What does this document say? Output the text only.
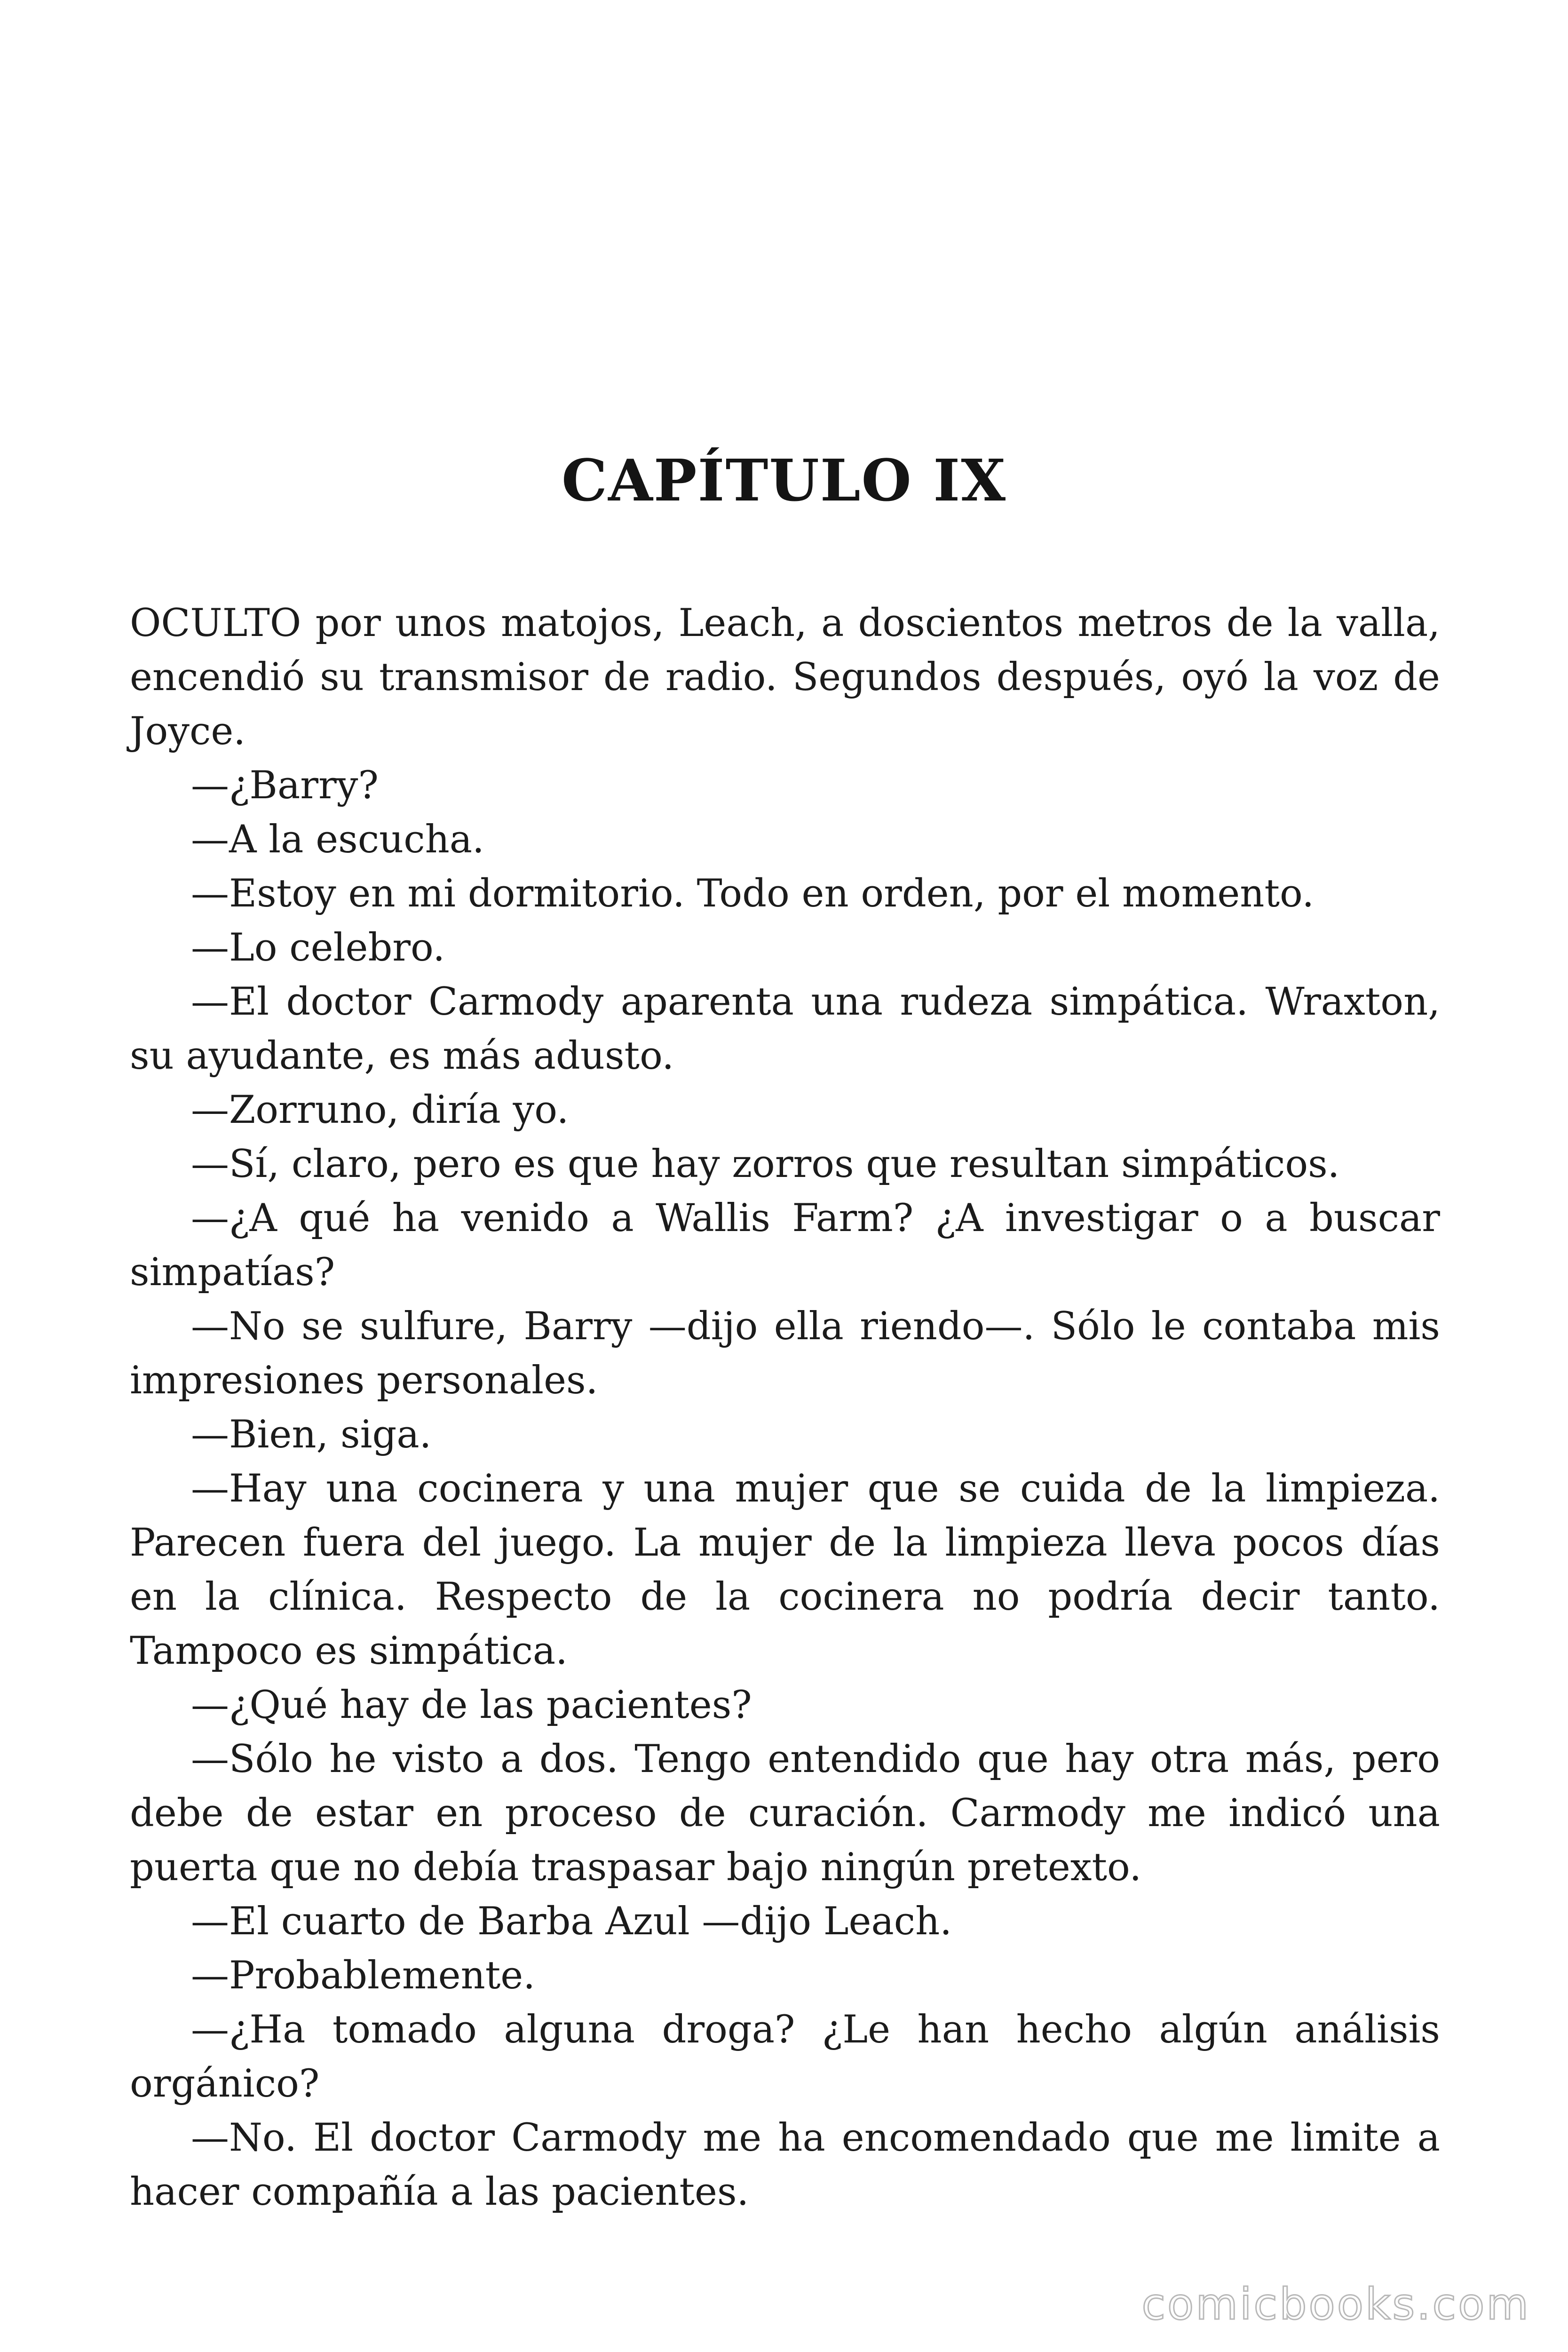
CAPÍTULO IX

OCULTO por unos matojos, Leach, a doscientos metros de la valla, encendió su transmisor de radio. Segundos después, oyó la voz de Joyce.

—¿Barry?

—A la escucha.

—Estoy en mi dormitorio. Todo en orden, por el momento.

—Lo celebro.

—El doctor Carmody aparenta una rudeza simpática. Wraxton, su ayudante, es más adusto.

—Zorruno, diría yo.

—Sí, claro, pero es que hay zorros que resultan simpáticos.

—¿A qué ha venido a Wallis Farm? ¿A investigar o a buscar simpatías?

—No se sulfure, Barry —dijo ella riendo—. Sólo le contaba mis impresiones personales.

—Bien, siga.

—Hay una cocinera y una mujer que se cuida de la limpieza. Parecen fuera del juego. La mujer de la limpieza lleva pocos días en la clínica. Respecto de la cocinera no podría decir tanto. Tampoco es simpática.

—¿Qué hay de las pacientes?

—Sólo he visto a dos. Tengo entendido que hay otra más, pero debe de estar en proceso de curación. Carmody me indicó una puerta que no debía traspasar bajo ningún pretexto.

—El cuarto de Barba Azul —dijo Leach.

—Probablemente.

—¿Ha tomado alguna droga? ¿Le han hecho algún análisis orgánico?

—No. El doctor Carmody me ha encomendado que me limite a hacer compañía a las pacientes.

comicbooks.com
